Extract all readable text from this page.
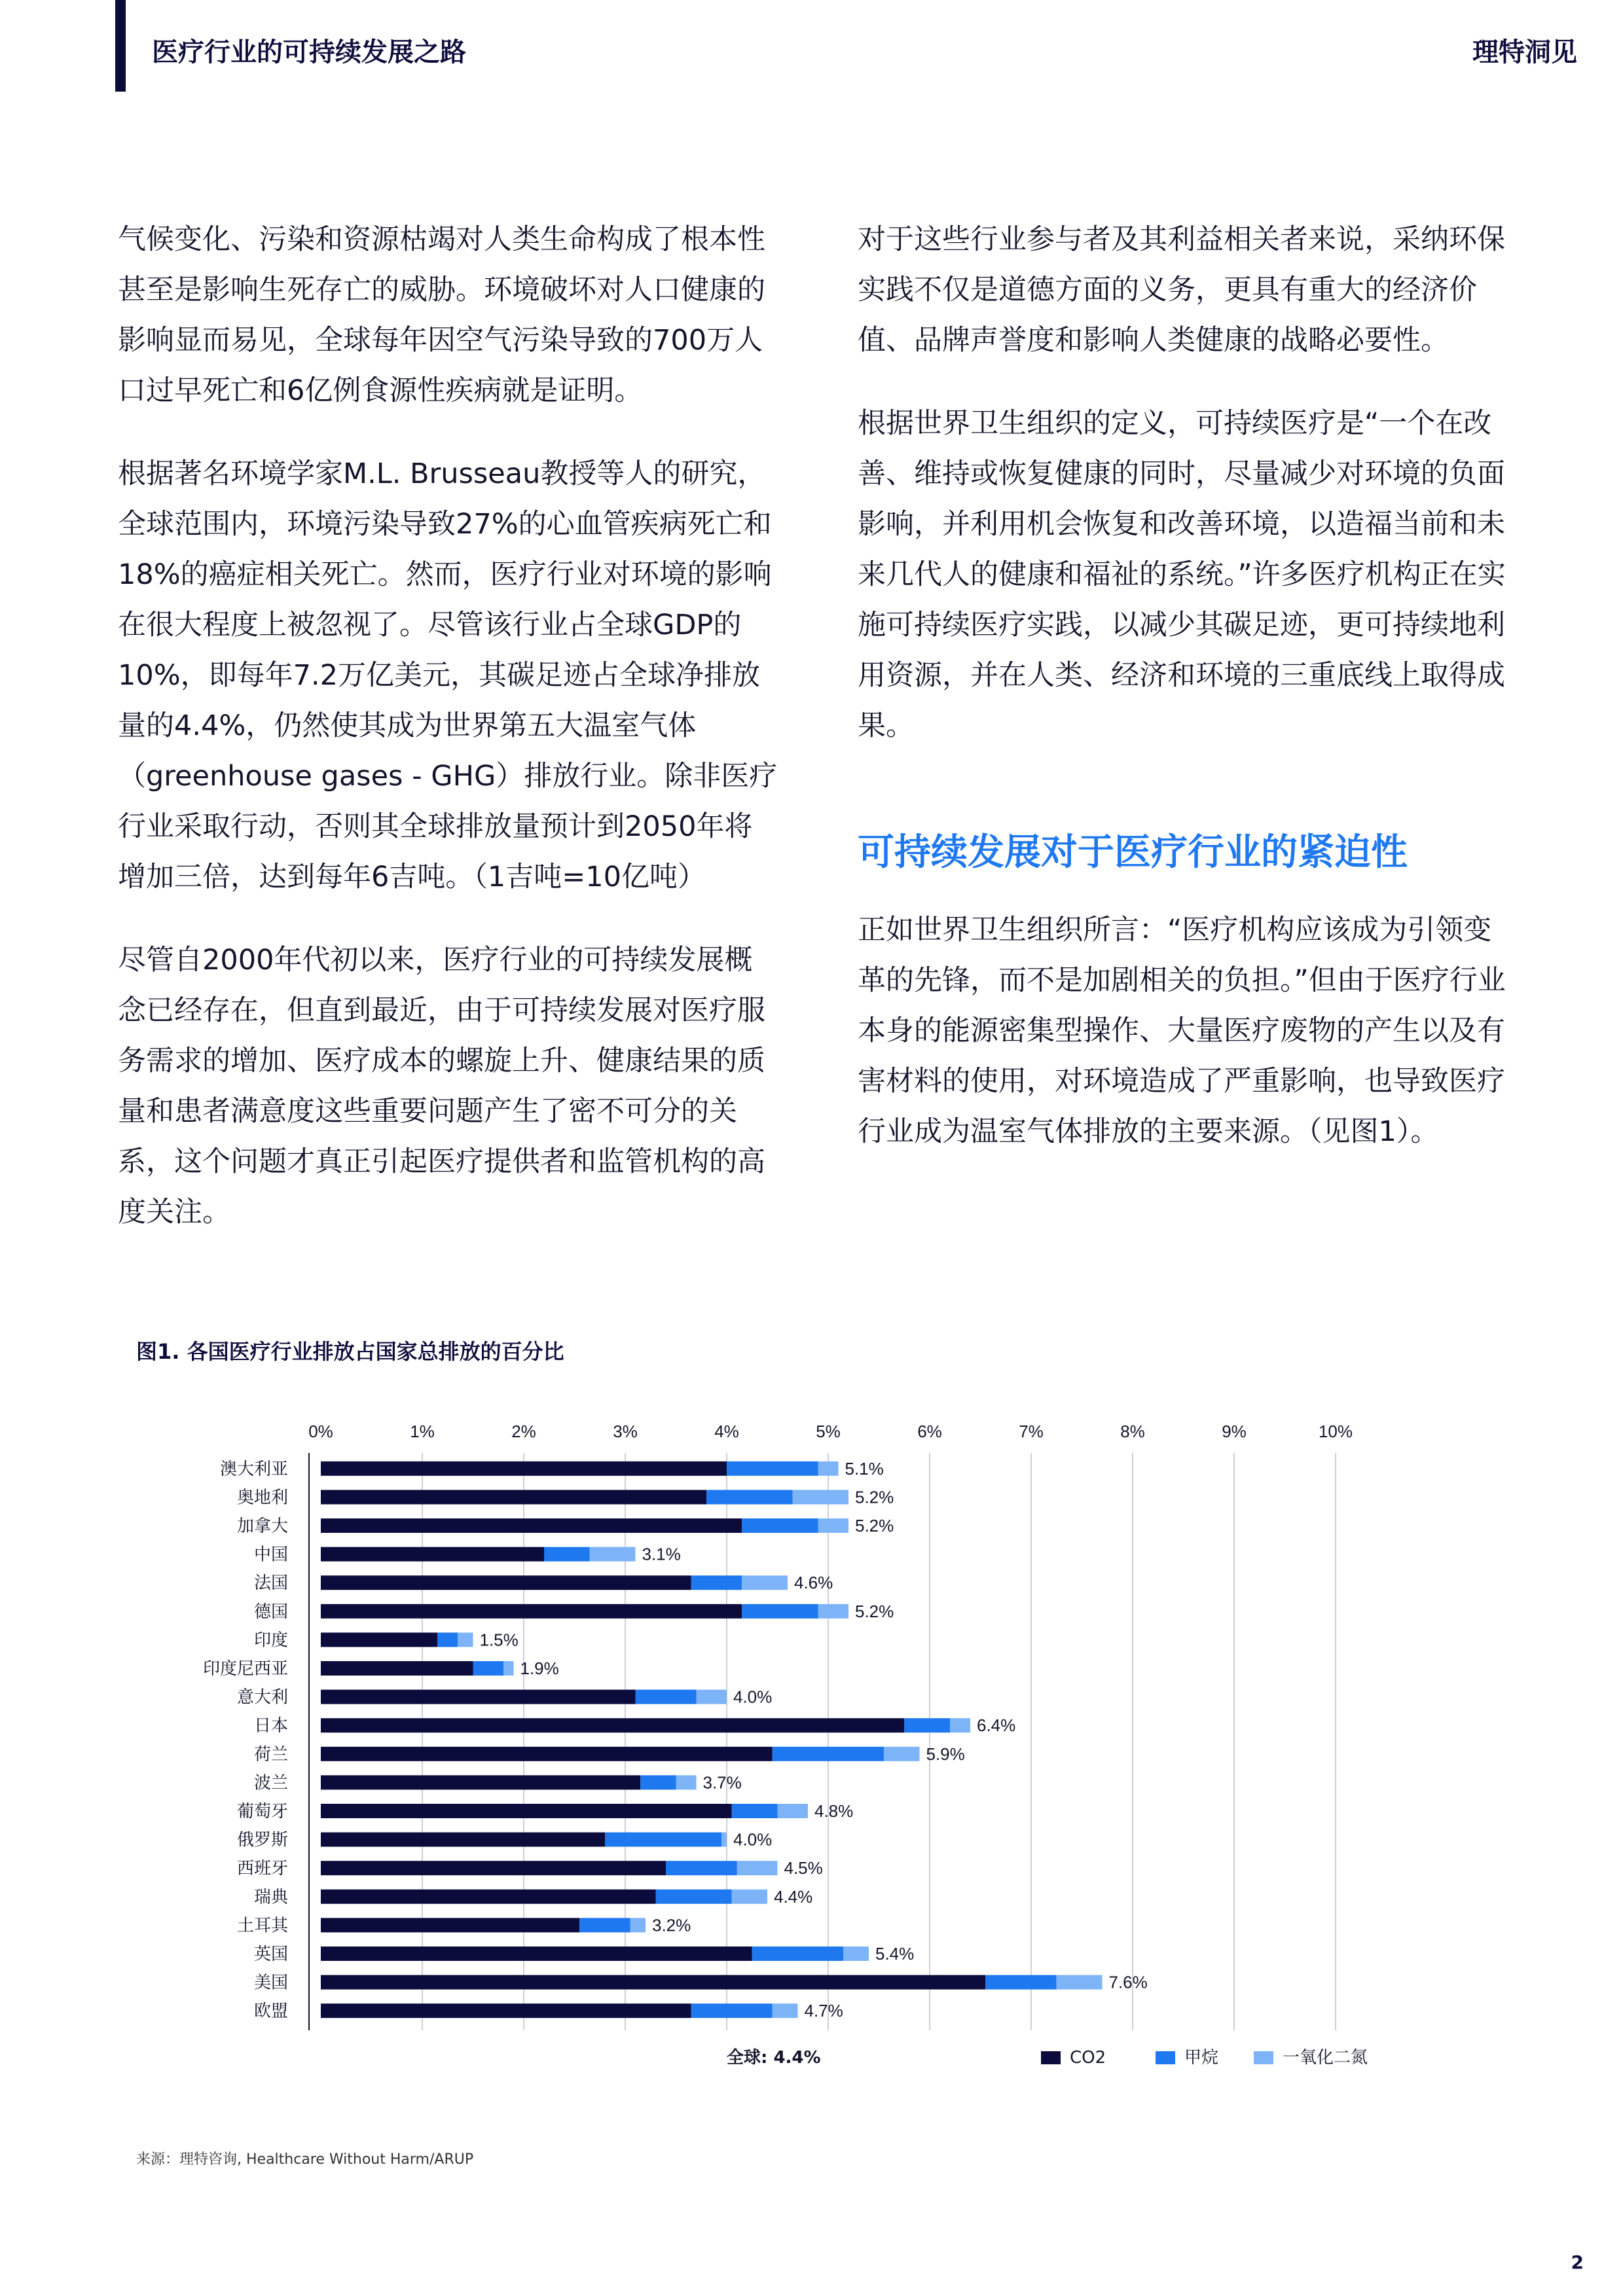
医疗行业的可持续发展之路	理特洞见

气候变化、污染和资源枯竭对人类生命构成了根本性甚至是影响生死存亡的威胁。环境破坏对人口健康的影响显而易见，全球每年因空气污染导致的700万人口过早死亡和6亿例食源性疾病就是证明。

根据著名环境学家M.L. Brusseau教授等人的研究，全球范围内，环境污染导致27%的心血管疾病死亡和18%的癌症相关死亡。然而，医疗行业对环境的影响在很大程度上被忽视了。尽管该行业占全球GDP的10%，即每年7.2万亿美元，其碳足迹占全球净排放量的4.4%，仍然使其成为世界第五大温室气体（greenhouse gases - GHG）排放行业。除非医疗行业采取行动，否则其全球排放量预计到2050年将增加三倍，达到每年6吉吨。（1吉吨=10亿吨）

尽管自2000年代初以来，医疗行业的可持续发展概念已经存在，但直到最近，由于可持续发展对医疗服务需求的增加、医疗成本的螺旋上升、健康结果的质量和患者满意度这些重要问题产生了密不可分的关系，这个问题才真正引起医疗提供者和监管机构的高度关注。

对于这些行业参与者及其利益相关者来说，采纳环保实践不仅是道德方面的义务，更具有重大的经济价值、品牌声誉度和影响人类健康的战略必要性。

根据世界卫生组织的定义，可持续医疗是“一个在改善、维持或恢复健康的同时，尽量减少对环境的负面影响，并利用机会恢复和改善环境，以造福当前和未来几代人的健康和福祉的系统。”许多医疗机构正在实施可持续医疗实践，以减少其碳足迹，更可持续地利用资源，并在人类、经济和环境的三重底线上取得成果。

可持续发展对于医疗行业的紧迫性

正如世界卫生组织所言：“医疗机构应该成为引领变革的先锋，而不是加剧相关的负担。”但由于医疗行业本身的能源密集型操作、大量医疗废物的产生以及有害材料的使用，对环境造成了严重影响，也导致医疗行业成为温室气体排放的主要来源。（见图1）。

图1. 各国医疗行业排放占国家总排放的百分比
0%	1%	2%	3%	4%	5%	6%	7%	8%	9%	10%
澳大利亚	5.1%
奥地利	5.2%
加拿大	5.2%
中国	3.1%
法国	4.6%
德国	5.2%
印度	1.5%
印度尼西亚	1.9%
意大利	4.0%
日本	6.4%
荷兰	5.9%
波兰	3.7%
葡萄牙	4.8%
俄罗斯	4.0%
西班牙	4.5%
瑞典	4.4%
土耳其	3.2%
英国	5.4%
美国	7.6%
欧盟	4.7%
全球: 4.4%	CO2	甲烷	一氧化二氮
来源：理特咨询, Healthcare Without Harm/ARUP
2
